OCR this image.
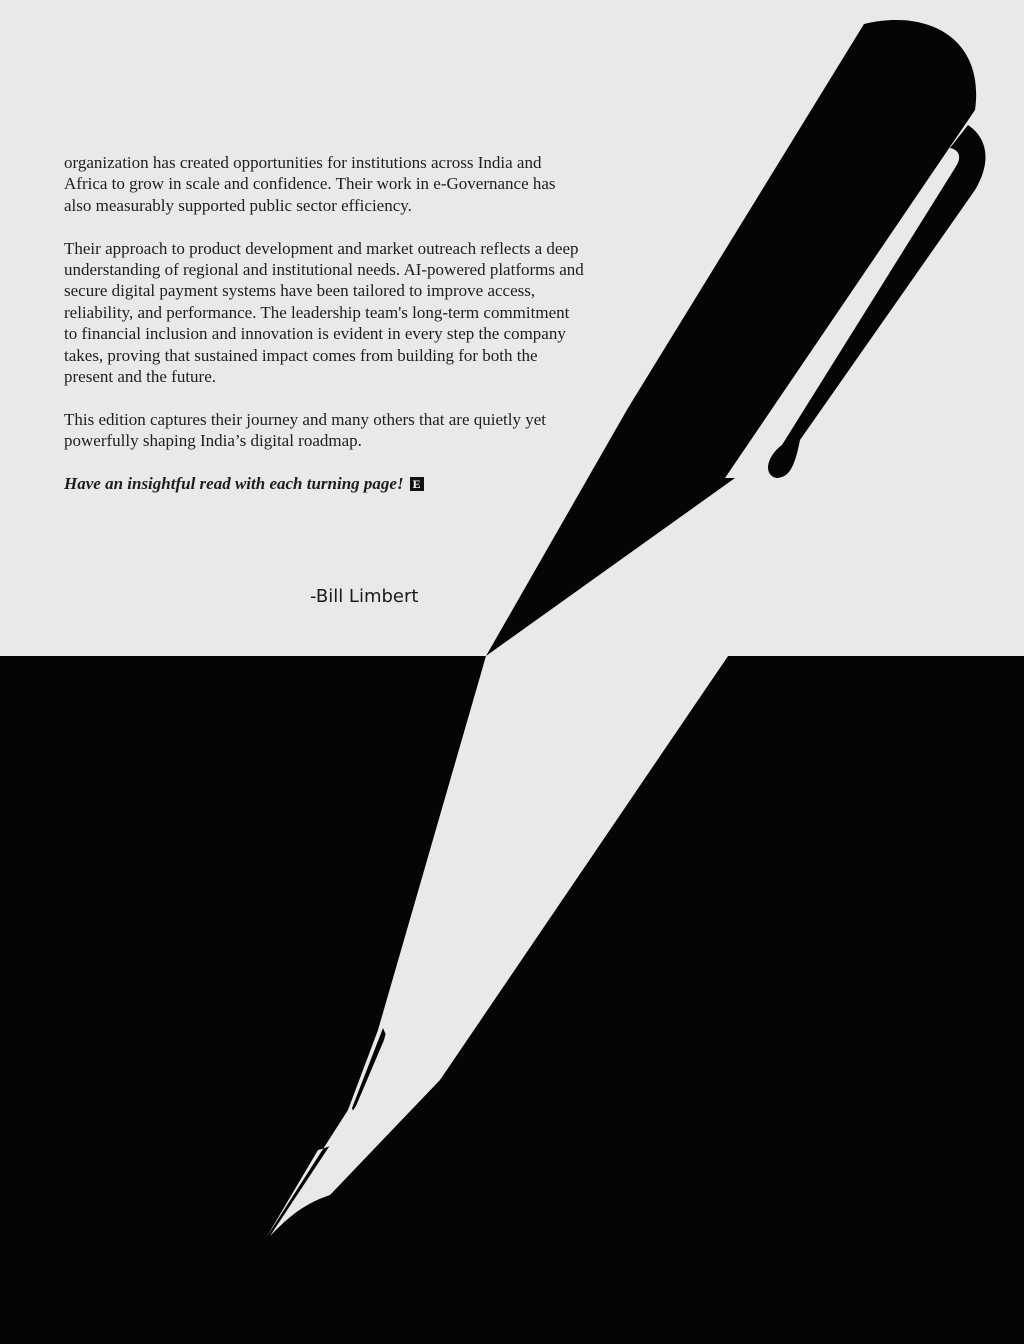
organization has created opportunities for institutions across India and Africa to grow in scale and confidence. Their work in e-Governance has also measurably supported public sector efficiency.

Their approach to product development and market outreach reflects a deep understanding of regional and institutional needs. AI-powered platforms and secure digital payment systems have been tailored to improve access, reliability, and performance. The leadership team's long-term commitment to financial inclusion and innovation is evident in every step the company takes, proving that sustained impact comes from building for both the present and the future.

This edition captures their journey and many others that are quietly yet powerfully shaping India’s digital roadmap.

Have an insightful read with each turning page! E

-Bill Limbert
